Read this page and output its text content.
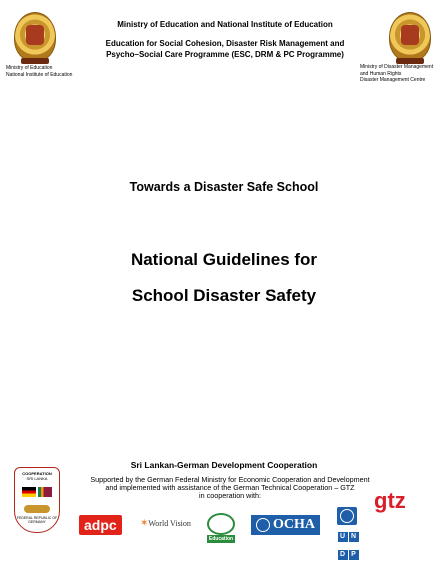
Ministry of Education
National Institute of Education
Ministry of Disaster Management
and Human Rights
Disaster Management Centre
Ministry of Education and National Institute of Education
Education for Social Cohesion, Disaster Risk Management and
Psycho–Social Care Programme (ESC, DRM & PC Programme)
Towards a Disaster Safe School
National Guidelines for
School Disaster Safety
Sri Lankan-German Development Cooperation
COOPERATION
SRI LANKA
FEDERAL REPUBLIC OF GERMANY
Supported by the German Federal Ministry for Economic Cooperation and Development
and implemented with assistance of the German Technical Cooperation – GTZ
in cooperation with:
adpc	✶World Vision
Education
OCHA
U N
D P
gtz
